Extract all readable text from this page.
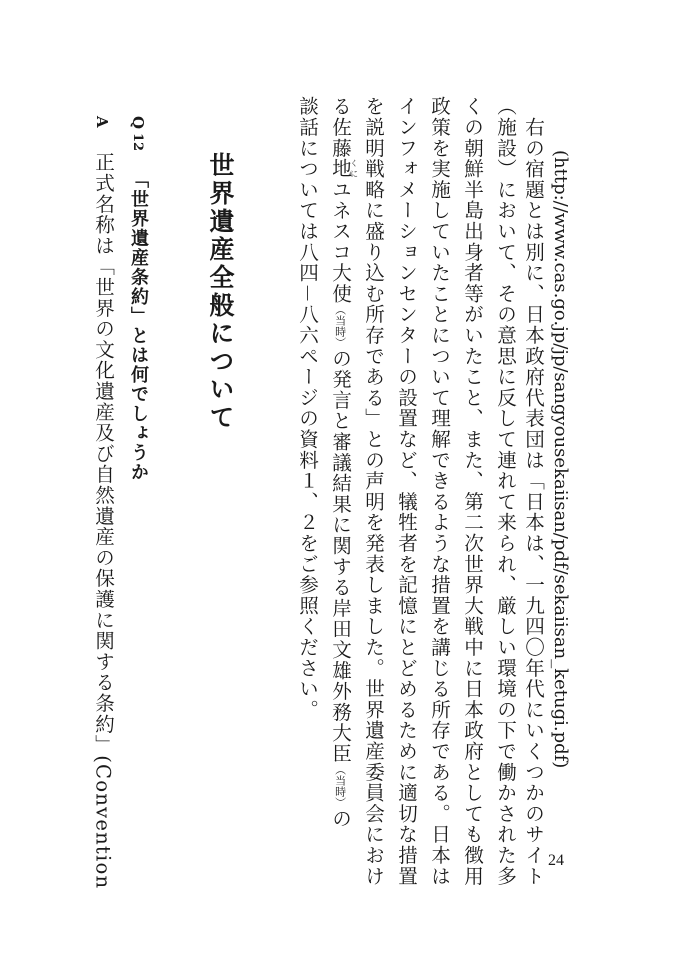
(http://www.cas.go.jp/jp/sangyousekaiisan/pdf/sekaiisan_ketugi.pdf)
　右の宿題とは別に、日本政府代表団は「日本は、一九四〇年代にいくつかのサイト
（施設）において、その意思に反して連れて来られ、厳しい環境の下で働かされた多
くの朝鮮半島出身者等がいたこと、また、第二次世界大戦中に日本政府としても徴用
政策を実施していたことについて理解できるような措置を講じる所存である。日本は
インフォメーションセンターの設置など、犠牲者を記憶にとどめるために適切な措置
を説明戦略に盛り込む所存である」との声明を発表しました。世界遺産委員会におけ
る佐藤地くにユネスコ大使（当時）の発言と審議結果に関する岸田文雄外務大臣（当時）の
談話については八四－八六ページの資料１、２をご参照ください。
世界遺産全般について
Q
12
「世界遺産条約」とは何でしょうか
A
正式名称は「世界の文化遺産及び自然遺産の保護に関する条約」(Convention	24
